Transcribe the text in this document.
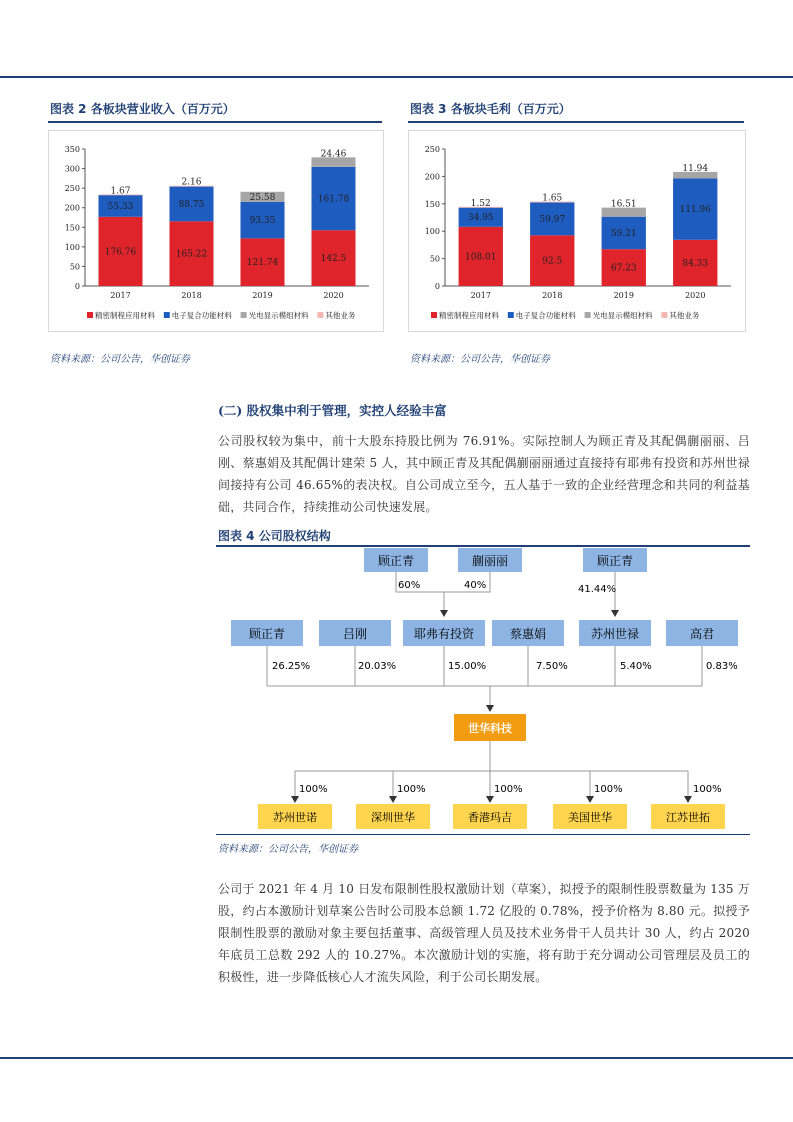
图表 2 各板块营业收入（百万元）
0
50
100
150
200
250
300
350
176.76
55.33
1.67
2017
165.22
88.75
2.16
2018
121.74
93.35
25.58
2019
142.5
161.78
24.46
2020
精密制程应用材料 电子复合功能材料 光电显示模组材料 其他业务
资料来源：公司公告，华创证券
图表 3 各板块毛利（百万元）
0
50
100
150
200
250
108.01
34.95
1.52
2017
92.5
59.97
1.65
2018
67.23
59.21
16.51
2019
84.33
111.96
11.94
2020
精密制程应用材料 电子复合功能材料 光电显示模组材料 其他业务
资料来源：公司公告，华创证券
(二) 股权集中利于管理，实控人经验丰富
公司股权较为集中，前十大股东持股比例为 76.91%。实际控制人为顾正青及其配偶蒯丽丽、吕刚、蔡惠娟及其配偶计建荣 5 人，其中顾正青及其配偶蒯丽丽通过直接持有耶弗有投资和苏州世禄间接持有公司 46.65%的表决权。自公司成立至今，五人基于一致的企业经营理念和共同的利益基础，共同合作，持续推动公司快速发展。
图表 4 公司股权结构
顾正青	蒯丽丽	顾正青
60%	40%	41.44%
顾正青	吕刚	耶弗有投资	蔡惠娟	苏州世禄	高君
26.25%	20.03%	15.00%	7.50%	5.40%	0.83%
世华科技
100%	100%	100%	100%	100%
苏州世诺	深圳世华	香港玛吉	美国世华	江苏世拓
资料来源：公司公告，华创证券
公司于 2021 年 4 月 10 日发布限制性股权激励计划（草案），拟授予的限制性股票数量为 135 万股，约占本激励计划草案公告时公司股本总额 1.72 亿股的 0.78%，授予价格为 8.80 元。拟授予限制性股票的激励对象主要包括董事、高级管理人员及技术业务骨干人员共计 30 人，约占 2020 年底员工总数 292 人的 10.27%。本次激励计划的实施，将有助于充分调动公司管理层及员工的积极性，进一步降低核心人才流失风险，利于公司长期发展。
